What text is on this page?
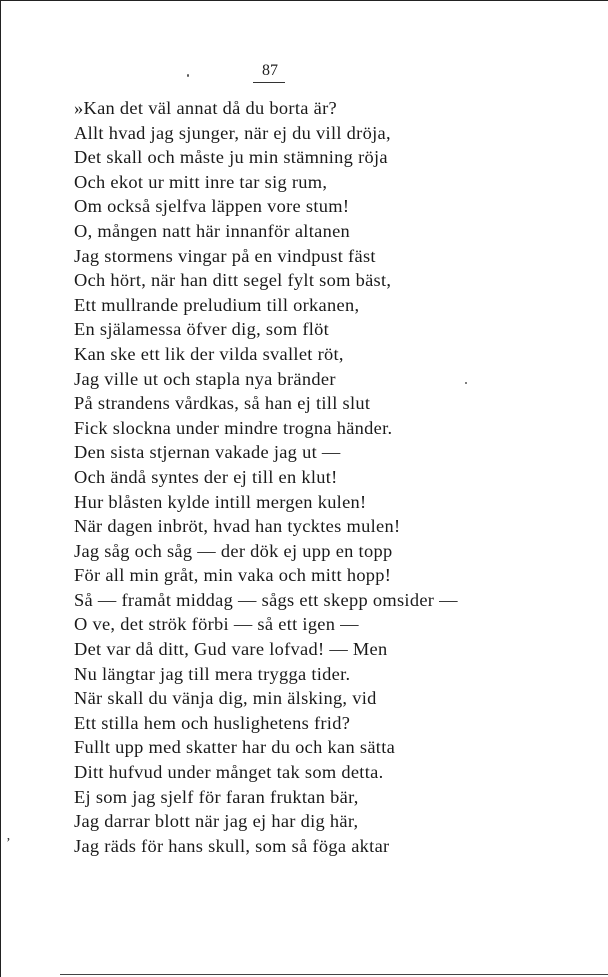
87
ʼ
»Kan det väl annat då du borta är?
Allt hvad jag sjunger, när ej du vill dröja,
Det skall och måste ju min stämning röja
Och ekot ur mitt inre tar sig rum,
Om också sjelfva läppen vore stum!
O, mången natt här innanför altanen
Jag stormens vingar på en vindpust fäst
Och hört, när han ditt segel fylt som bäst,
Ett mullrande preludium till orkanen,
En själamessa öfver dig, som flöt
Kan ske ett lik der vilda svallet röt,
Jag ville ut och stapla nya bränder
På strandens vårdkas, så han ej till slut
Fick slockna under mindre trogna händer.
Den sista stjernan vakade jag ut —
Och ändå syntes der ej till en klut!
Hur blåsten kylde intill mergen kulen!
När dagen inbröt, hvad han tycktes mulen!
Jag såg och såg — der dök ej upp en topp
För all min gråt, min vaka och mitt hopp!
Så — framåt middag — sågs ett skepp omsider —
O ve, det strök förbi — så ett igen —
Det var då ditt, Gud vare lofvad! — Men
Nu längtar jag till mera trygga tider.
När skall du vänja dig, min älsking, vid
Ett stilla hem och huslighetens frid?
Fullt upp med skatter har du och kan sätta
Ditt hufvud under månget tak som detta.
Ej som jag sjelf för faran fruktan bär,
Jag darrar blott när jag ej har dig här,
Jag räds för hans skull, som så föga aktar
